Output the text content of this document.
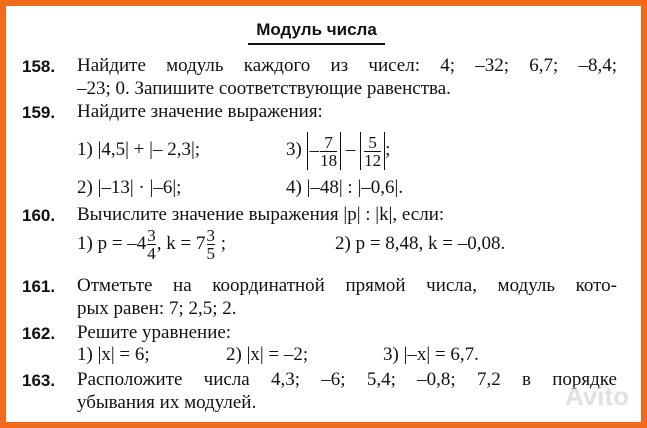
Модуль числа
158. Найдите модуль каждого из чисел: 4; –32; 6,7; –8,4;
–23; 0. Запишите соответствующие равенства.
159. Найдите значение выражения:
1) |4,5| + |– 2,3|;	$3) - \frac{7}{18} - \frac{5}{12}$ ;
2) |–13| · |–6|;	4) |–48| : |–0,6|.
160. Вычислите значение выражения |p| : |k|, если:
1) $p = -4 \frac{3}{4}$ , $k = 7 \frac{3}{5}$ ;	2) p = 8,48, k = –0,08.
161. Отметьте на координатной прямой числа, модуль кото-
рых равен: 7; 2,5; 2.
162. Решите уравнение:
1) |x| = 6;	2) |x| = –2;	3) |–x| = 6,7.
163. Расположите числа 4,3; –6; 5,4; –0,8; 7,2 в порядке
убывания их модулей.	Avito
